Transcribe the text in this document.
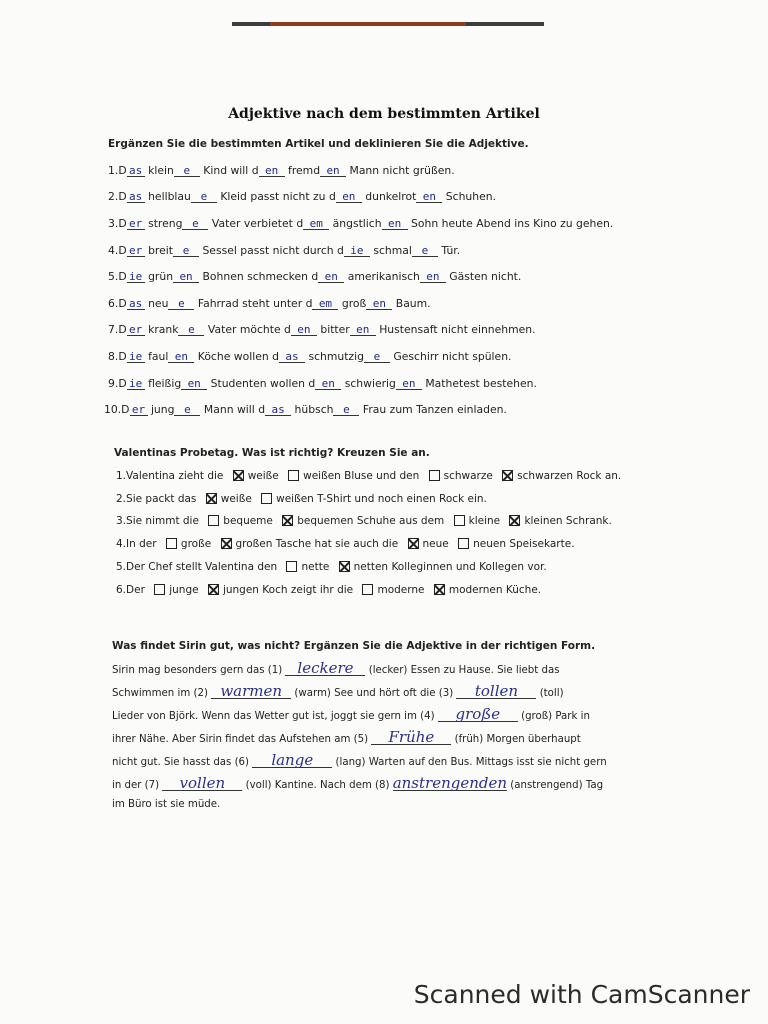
Adjektive nach dem bestimmten Artikel
Ergänzen Sie die bestimmten Artikel und deklinieren Sie die Adjektive.
1.D as klein e Kind will d en fremd en Mann nicht grüßen.
2.D as hellblau e Kleid passt nicht zu d en dunkelrot en Schuhen.
3.D er streng e Vater verbietet d em ängstlich en Sohn heute Abend ins Kino zu gehen.
4.D er breit e Sessel passt nicht durch d ie schmal e Tür.
5.D ie grün en Bohnen schmecken d en amerikanisch en Gästen nicht.
6.D as neu e Fahrrad steht unter d em groß en Baum.
7.D er krank e Vater möchte d en bitter en Hustensaft nicht einnehmen.
8.D ie faul en Köche wollen d as schmutzig e Geschirr nicht spülen.
9.D ie fleißig en Studenten wollen d en schwierig en Mathetest bestehen.
10.D er jung e Mann will d as hübsch e Frau zum Tanzen einladen.
Valentinas Probetag. Was ist richtig? Kreuzen Sie an.
1.Valentina zieht die weiße weißen Bluse und den schwarze schwarzen Rock an.
2.Sie packt das weiße weißen T-Shirt und noch einen Rock ein.
3.Sie nimmt die bequeme bequemen Schuhe aus dem kleine kleinen Schrank.
4.In der große großen Tasche hat sie auch die neue neuen Speisekarte.
5.Der Chef stellt Valentina den nette netten Kolleginnen und Kollegen vor.
6.Der junge jungen Koch zeigt ihr die moderne modernen Küche.
Was findet Sirin gut, was nicht? Ergänzen Sie die Adjektive in der richtigen Form.
Sirin mag besonders gern das (1) leckere (lecker) Essen zu Hause. Sie liebt das
Schwimmen im (2) warmen (warm) See und hört oft die (3) tollen (toll)
Lieder von Björk. Wenn das Wetter gut ist, joggt sie gern im (4) große (groß) Park in
ihrer Nähe. Aber Sirin findet das Aufstehen am (5) Frühe (früh) Morgen überhaupt
nicht gut. Sie hasst das (6) lange (lang) Warten auf den Bus. Mittags isst sie nicht gern
in der (7) vollen (voll) Kantine. Nach dem (8) anstrengenden (anstrengend) Tag
im Büro ist sie müde.
Scanned with CamScanner
